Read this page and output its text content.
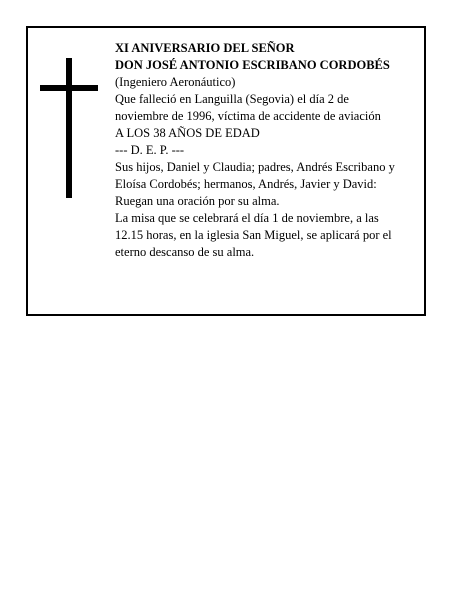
XI ANIVERSARIO DEL SEÑOR
DON JOSÉ ANTONIO ESCRIBANO CORDOBÉS
(Ingeniero Aeronáutico)
Que falleció en Languilla (Segovia) el día 2 de
noviembre de 1996, víctima de accidente de aviación
A LOS 38 AÑOS DE EDAD
--- D. E. P. ---
Sus hijos, Daniel y Claudia; padres, Andrés Escribano y
Eloísa Cordobés; hermanos, Andrés, Javier y David:
Ruegan una oración por su alma.
La misa que se celebrará el día 1 de noviembre, a las
12.15 horas, en la iglesia San Miguel, se aplicará por el
eterno descanso de su alma.
